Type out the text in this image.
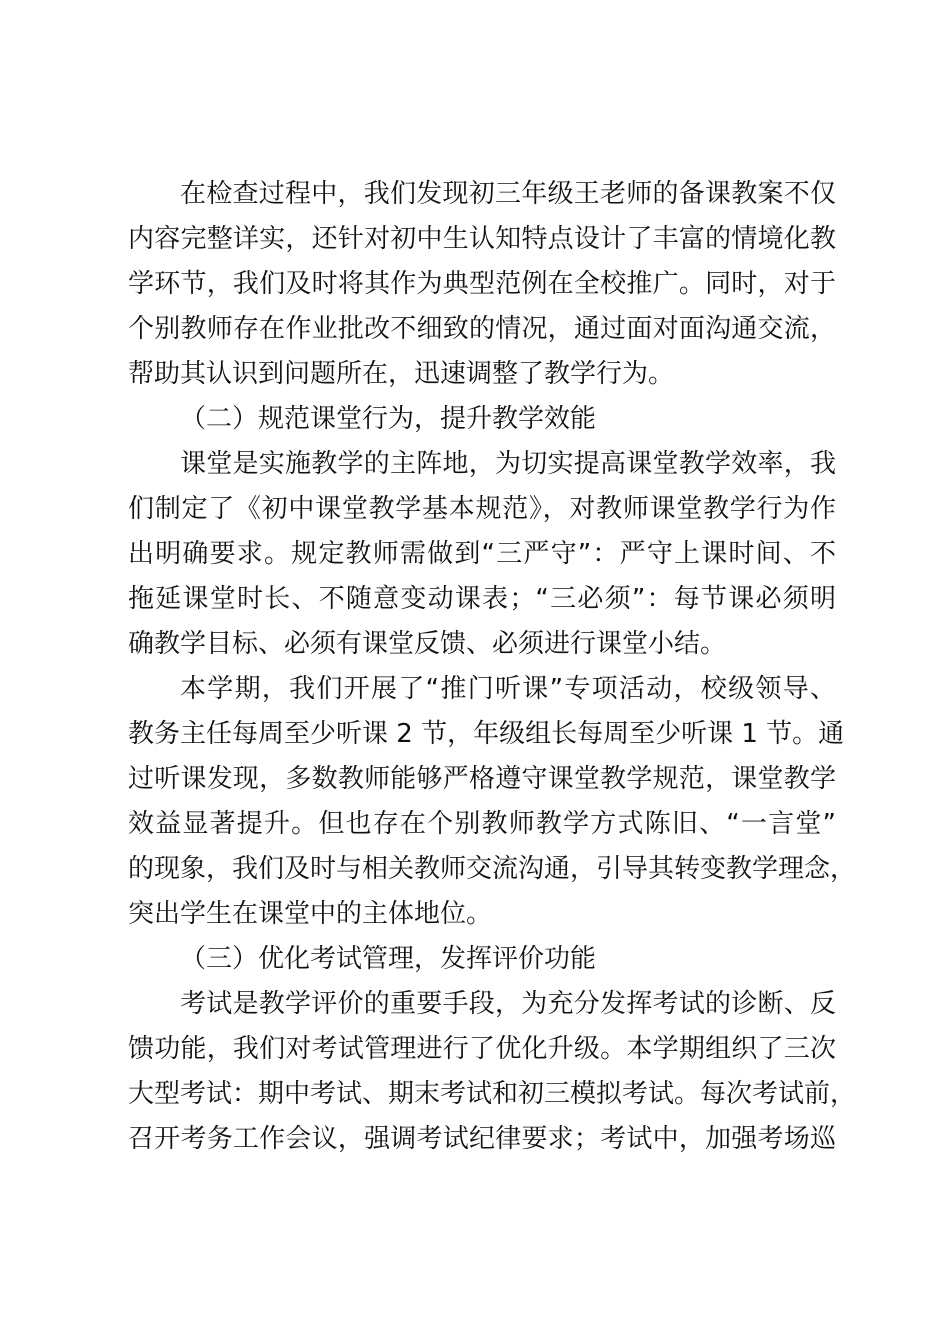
在检查过程中，我们发现初三年级王老师的备课教案不仅
内容完整详实，还针对初中生认知特点设计了丰富的情境化教
学环节，我们及时将其作为典型范例在全校推广。同时，对于
个别教师存在作业批改不细致的情况，通过面对面沟通交流，
帮助其认识到问题所在，迅速调整了教学行为。
（二）规范课堂行为，提升教学效能
课堂是实施教学的主阵地，为切实提高课堂教学效率，我
们制定了《初中课堂教学基本规范》，对教师课堂教学行为作
出明确要求。规定教师需做到“三严守”：严守上课时间、不
拖延课堂时长、不随意变动课表；“三必须”：每节课必须明
确教学目标、必须有课堂反馈、必须进行课堂小结。
本学期，我们开展了“推门听课”专项活动，校级领导、
教务主任每周至少听课 2 节，年级组长每周至少听课 1 节。通
过听课发现，多数教师能够严格遵守课堂教学规范，课堂教学
效益显著提升。但也存在个别教师教学方式陈旧、“一言堂”
的现象，我们及时与相关教师交流沟通，引导其转变教学理念，
突出学生在课堂中的主体地位。
（三）优化考试管理，发挥评价功能
考试是教学评价的重要手段，为充分发挥考试的诊断、反
馈功能，我们对考试管理进行了优化升级。本学期组织了三次
大型考试：期中考试、期末考试和初三模拟考试。每次考试前，
召开考务工作会议，强调考试纪律要求；考试中，加强考场巡
